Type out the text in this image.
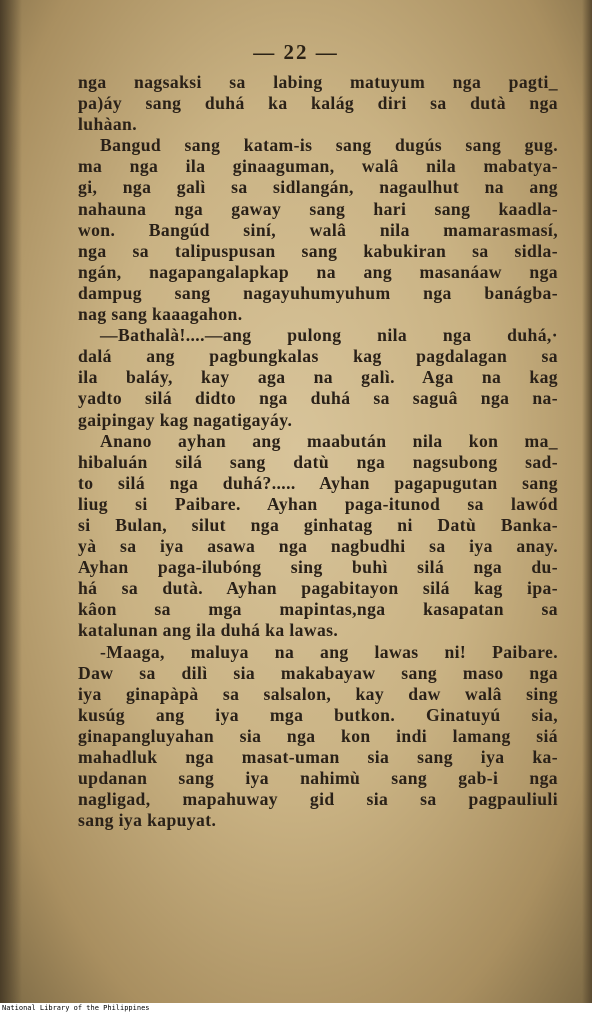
— 22 —
nga nagsaksi sa labing matuyum nga pagti_
pa)áy sang duhá ka kalág diri sa dutà nga
luhàan.
Bangud sang katam-is sang dugús sang gug.
ma nga ila ginaaguman, walâ nila mabatya-
gi, nga galì sa sidlangán, nagaulhut na ang
nahauna nga gaway sang hari sang kaadla-
won. Bangúd siní, walâ nila mamarasmasí,
nga sa talipuspusan sang kabukiran sa sidla-
ngán, nagapangalapkap na ang masanáaw nga
dampug sang nagayuhumyuhum nga banágba-
nag sang kaaagahon.
—Bathalà!....—ang pulong nila nga duhá,·
dalá ang pagbungkalas kag pagdalagan sa
ila baláy, kay aga na galì. Aga na kag
yadto silá didto nga duhá sa saguâ nga na-
gaipingay kag nagatigayáy.
Anano ayhan ang maabután nila kon ma_
hibaluán silá sang datù nga nagsubong sad-
to silá nga duhá?..... Ayhan pagapugutan sang
liug si Paibare. Ayhan paga-itunod sa lawód
si Bulan, silut nga ginhatag ni Datù Banka-
yà sa iya asawa nga nagbudhi sa iya anay.
Ayhan paga-ilubóng sing buhì silá nga du-
há sa dutà. Ayhan pagabitayon silá kag ipa-
kâon sa mga mapintas,nga kasapatan sa
katalunan ang ila duhá ka lawas.
-Maaga, maluya na ang lawas ni! Paibare.
Daw sa dilì sia makabayaw sang maso nga
iya ginapàpà sa salsalon, kay daw walâ sing
kusúg ang iya mga butkon. Ginatuyú sia,
ginapangluyahan sia nga kon indi lamang siá
mahadluk nga masat-uman sia sang iya ka-
updanan sang iya nahimù sang gab-i nga
nagligad, mapahuway gid sia sa pagpauliuli
sang iya kapuyat.
National Library of the Philippines
